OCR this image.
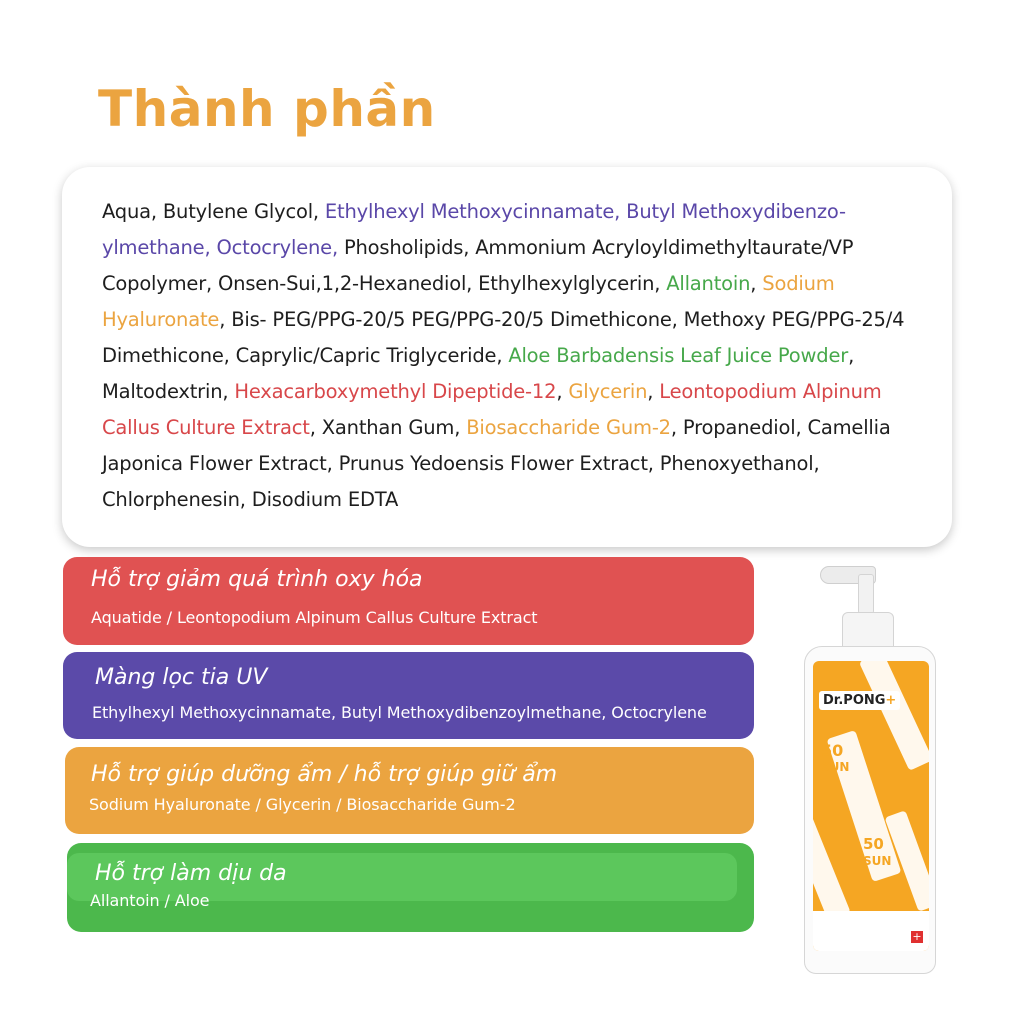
Thành phần

Aqua, Butylene Glycol, Ethylhexyl Methoxycinnamate, Butyl Methoxydibenzo-ylmethane, Octocrylene, Phosholipids, Ammonium Acryloyldimethyltaurate/VP Copolymer, Onsen-Sui,1,2-Hexanediol, Ethylhexylglycerin, Allantoin, Sodium Hyaluronate, Bis- PEG/PPG-20/5 PEG/PPG-20/5 Dimethicone, Methoxy PEG/PPG-25/4 Dimethicone, Caprylic/Capric Triglyceride, Aloe Barbadensis Leaf Juice Powder, Maltodextrin, Hexacarboxymethyl Dipeptide-12, Glycerin, Leontopodium Alpinum Callus Culture Extract, Xanthan Gum, Biosaccharide Gum-2, Propanediol, Camellia Japonica Flower Extract, Prunus Yedoensis Flower Extract, Phenoxyethanol, Chlorphenesin, Disodium EDTA

Hỗ trợ giảm quá trình oxy hóa
Aquatide / Leontopodium Alpinum Callus Culture Extract
Màng lọc tia UV
Ethylhexyl Methoxycinnamate, Butyl Methoxydibenzoylmethane, Octocrylene
Hỗ trợ giúp dưỡng ẩm / hỗ trợ giúp giữ ẩm
Sodium Hyaluronate / Glycerin / Biosaccharide Gum-2
Hỗ trợ làm dịu da
Allantoin / Aloe
Dr.PONG+
50
SUN
50
SUN
+
